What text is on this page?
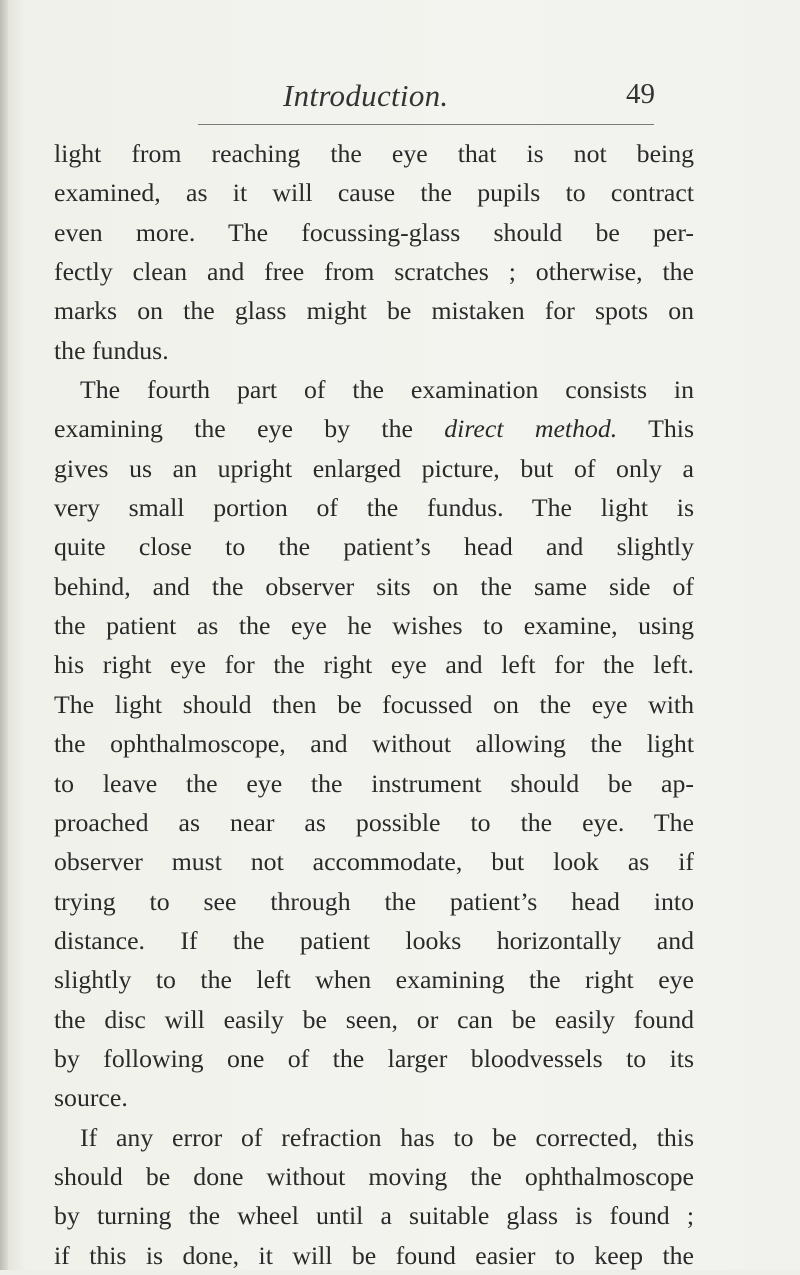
Introduction.	49
light from reaching the eye that is not being
examined, as it will cause the pupils to contract
even more. The focussing-glass should be per-
fectly clean and free from scratches ; otherwise, the
marks on the glass might be mistaken for spots on
the fundus.
The fourth part of the examination consists in
examining the eye by the direct method. This
gives us an upright enlarged picture, but of only a
very small portion of the fundus. The light is
quite close to the patient’s head and slightly
behind, and the observer sits on the same side of
the patient as the eye he wishes to examine, using
his right eye for the right eye and left for the left.
The light should then be focussed on the eye with
the ophthalmoscope, and without allowing the light
to leave the eye the instrument should be ap-
proached as near as possible to the eye. The
observer must not accommodate, but look as if
trying to see through the patient’s head into
distance. If the patient looks horizontally and
slightly to the left when examining the right eye
the disc will easily be seen, or can be easily found
by following one of the larger bloodvessels to its
source.
If any error of refraction has to be corrected, this
should be done without moving the ophthalmoscope
by turning the wheel until a suitable glass is found ;
if this is done, it will be found easier to keep the
